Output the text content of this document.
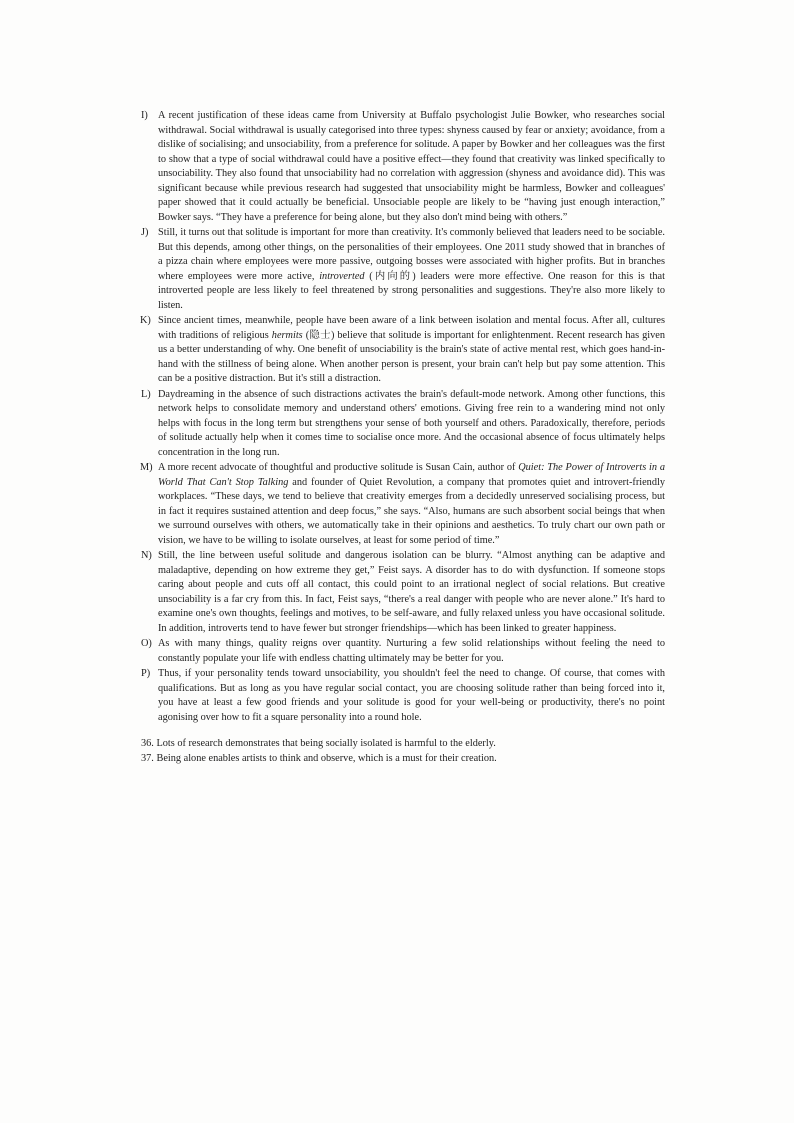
I) A recent justification of these ideas came from University at Buffalo psychologist Julie Bowker, who researches social withdrawal. Social withdrawal is usually categorised into three types: shyness caused by fear or anxiety; avoidance, from a dislike of socialising; and unsociability, from a preference for solitude. A paper by Bowker and her colleagues was the first to show that a type of social withdrawal could have a positive effect—they found that creativity was linked specifically to unsociability. They also found that unsociability had no correlation with aggression (shyness and avoidance did). This was significant because while previous research had suggested that unsociability might be harmless, Bowker and colleagues' paper showed that it could actually be beneficial. Unsociable people are likely to be “having just enough interaction,” Bowker says. “They have a preference for being alone, but they also don't mind being with others.”

J) Still, it turns out that solitude is important for more than creativity. It's commonly believed that leaders need to be sociable. But this depends, among other things, on the personalities of their employees. One 2011 study showed that in branches of a pizza chain where employees were more passive, outgoing bosses were associated with higher profits. But in branches where employees were more active, introverted (内向的) leaders were more effective. One reason for this is that introverted people are less likely to feel threatened by strong personalities and suggestions. They're also more likely to listen.

K) Since ancient times, meanwhile, people have been aware of a link between isolation and mental focus. After all, cultures with traditions of religious hermits (隐士) believe that solitude is important for enlightenment. Recent research has given us a better understanding of why. One benefit of unsociability is the brain's state of active mental rest, which goes hand-in-hand with the stillness of being alone. When another person is present, your brain can't help but pay some attention. This can be a positive distraction. But it's still a distraction.

L) Daydreaming in the absence of such distractions activates the brain's default-mode network. Among other functions, this network helps to consolidate memory and understand others' emotions. Giving free rein to a wandering mind not only helps with focus in the long term but strengthens your sense of both yourself and others. Paradoxically, therefore, periods of solitude actually help when it comes time to socialise once more. And the occasional absence of focus ultimately helps concentration in the long run.

M) A more recent advocate of thoughtful and productive solitude is Susan Cain, author of Quiet: The Power of Introverts in a World That Can't Stop Talking and founder of Quiet Revolution, a company that promotes quiet and introvert-friendly workplaces. “These days, we tend to believe that creativity emerges from a decidedly unreserved socialising process, but in fact it requires sustained attention and deep focus,” she says. “Also, humans are such absorbent social beings that when we surround ourselves with others, we automatically take in their opinions and aesthetics. To truly chart our own path or vision, we have to be willing to isolate ourselves, at least for some period of time.”

N) Still, the line between useful solitude and dangerous isolation can be blurry. “Almost anything can be adaptive and maladaptive, depending on how extreme they get,” Feist says. A disorder has to do with dysfunction. If someone stops caring about people and cuts off all contact, this could point to an irrational neglect of social relations. But creative unsociability is a far cry from this. In fact, Feist says, “there's a real danger with people who are never alone.” It's hard to examine one's own thoughts, feelings and motives, to be self-aware, and fully relaxed unless you have occasional solitude. In addition, introverts tend to have fewer but stronger friendships—which has been linked to greater happiness.

O) As with many things, quality reigns over quantity. Nurturing a few solid relationships without feeling the need to constantly populate your life with endless chatting ultimately may be better for you.

P) Thus, if your personality tends toward unsociability, you shouldn't feel the need to change. Of course, that comes with qualifications. But as long as you have regular social contact, you are choosing solitude rather than being forced into it, you have at least a few good friends and your solitude is good for your well-being or productivity, there's no point agonising over how to fit a square personality into a round hole.

36. Lots of research demonstrates that being socially isolated is harmful to the elderly.

37. Being alone enables artists to think and observe, which is a must for their creation.
